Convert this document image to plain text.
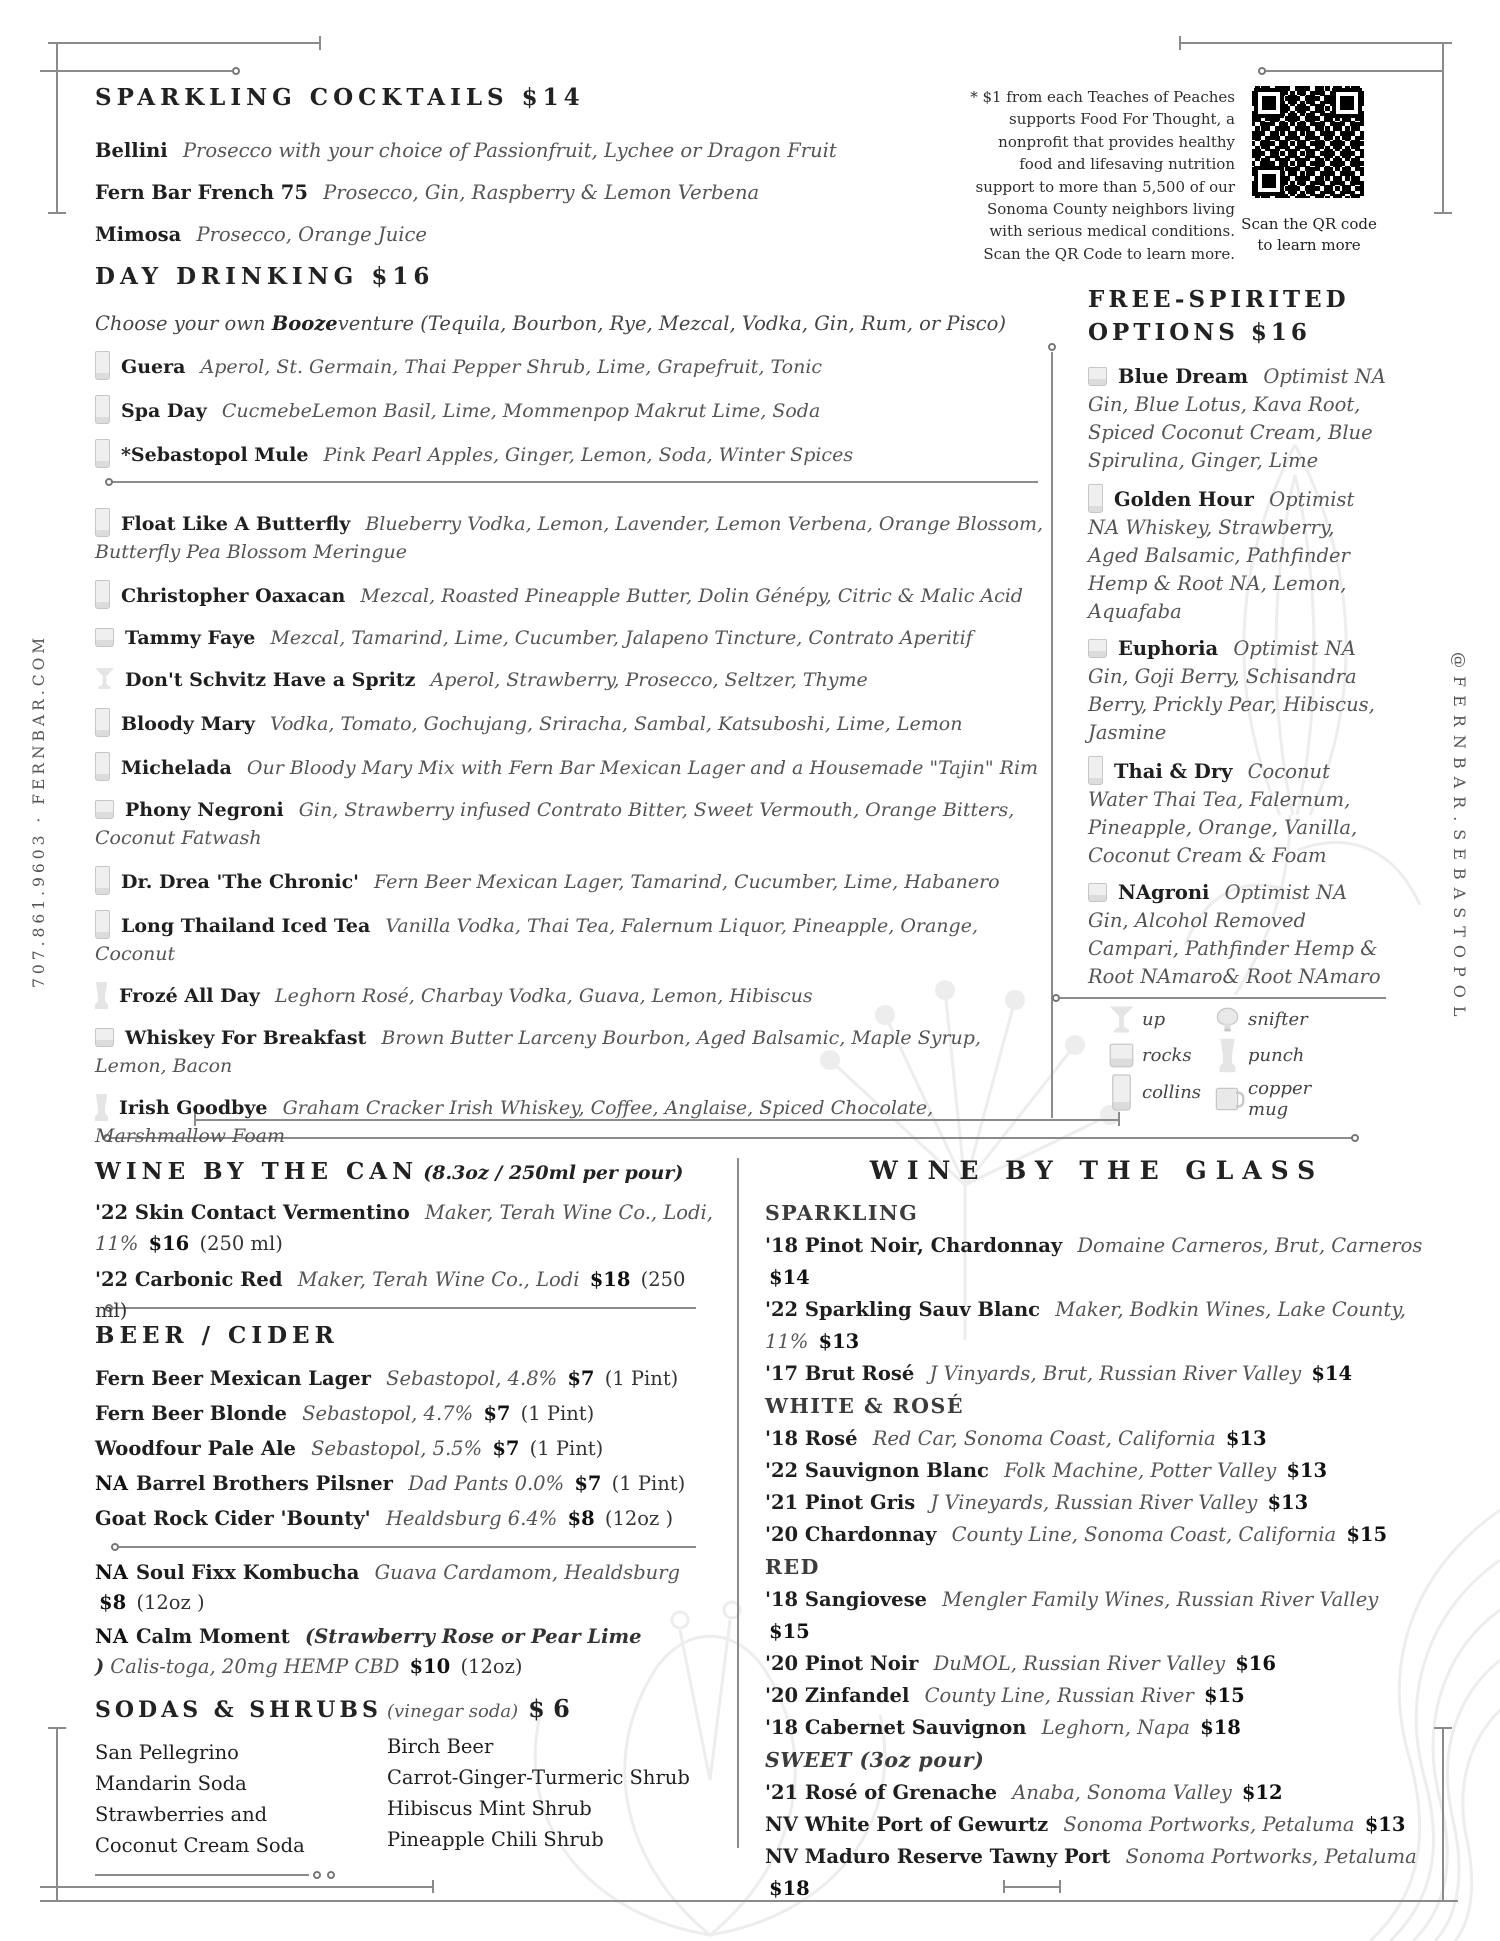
707.861.9603 · FERNBAR.COM	@FERNBAR.SEBASTOPOL
SPARKLING COCKTAILS $14
Bellini Prosecco with your choice of Passionfruit, Lychee or Dragon Fruit
Fern Bar French 75 Prosecco, Gin, Raspberry & Lemon Verbena
Mimosa Prosecco, Orange Juice
DAY DRINKING $16
Choose your own Boozeventure (Tequila, Bourbon, Rye, Mezcal, Vodka, Gin, Rum, or Pisco)
Guera Aperol, St. Germain, Thai Pepper Shrub, Lime, Grapefruit, Tonic
Spa Day CucmebeLemon Basil, Lime, Mommenpop Makrut Lime, Soda
*Sebastopol Mule Pink Pearl Apples, Ginger, Lemon, Soda, Winter Spices
Float Like A Butterfly Blueberry Vodka, Lemon, Lavender, Lemon Verbena, Orange Blossom, Butterfly Pea Blossom Meringue
Christopher Oaxacan Mezcal, Roasted Pineapple Butter, Dolin Génépy, Citric & Malic Acid
Tammy Faye Mezcal, Tamarind, Lime, Cucumber, Jalapeno Tincture, Contrato Aperitif
Don't Schvitz Have a Spritz Aperol, Strawberry, Prosecco, Seltzer, Thyme
Bloody Mary Vodka, Tomato, Gochujang, Sriracha, Sambal, Katsuboshi, Lime, Lemon
Michelada Our Bloody Mary Mix with Fern Bar Mexican Lager and a Housemade "Tajin" Rim
Phony Negroni Gin, Strawberry infused Contrato Bitter, Sweet Vermouth, Orange Bitters, Coconut Fatwash
Dr. Drea 'The Chronic' Fern Beer Mexican Lager, Tamarind, Cucumber, Lime, Habanero
Long Thailand Iced Tea Vanilla Vodka, Thai Tea, Falernum Liquor, Pineapple, Orange, Coconut
Frozé All Day Leghorn Rosé, Charbay Vodka, Guava, Lemon, Hibiscus
Whiskey For Breakfast Brown Butter Larceny Bourbon, Aged Balsamic, Maple Syrup, Lemon, Bacon
Irish Goodbye Graham Cracker Irish Whiskey, Coffee, Anglaise, Spiced Chocolate, Marshmallow Foam
* $1 from each Teaches of Peaches supports Food For Thought, a nonprofit that provides healthy food and lifesaving nutrition support to more than 5,500 of our Sonoma County neighbors living with serious medical conditions. Scan the QR Code to learn more.
Scan the QR code to learn more
FREE-SPIRITED
OPTIONS $16
Blue Dream Optimist NA Gin, Blue Lotus, Kava Root, Spiced Coconut Cream, Blue Spirulina, Ginger, Lime
Golden Hour Optimist NA Whiskey, Strawberry, Aged Balsamic, Pathfinder Hemp & Root NA, Lemon, Aquafaba
Euphoria Optimist NA Gin, Goji Berry, Schisandra Berry, Prickly Pear, Hibiscus, Jasmine
Thai & Dry Coconut Water Thai Tea, Falernum, Pineapple, Orange, Vanilla, Coconut Cream & Foam
NAgroni Optimist NA Gin, Alcohol Removed Campari, Pathfinder Hemp & Root NAmaro& Root NAmaro
up
rocks
collins
snifter
punch
copper mug
WINE BY THE CAN (8.3oz / 250ml per pour)
'22 Skin Contact Vermentino Maker, Terah Wine Co., Lodi, 11% $16 (250 ml)
'22 Carbonic Red Maker, Terah Wine Co., Lodi $18 (250 ml)
BEER / CIDER
Fern Beer Mexican Lager Sebastopol, 4.8% $7 (1 Pint)
Fern Beer Blonde Sebastopol, 4.7% $7 (1 Pint)
Woodfour Pale Ale Sebastopol, 5.5% $7 (1 Pint)
NA Barrel Brothers Pilsner Dad Pants 0.0% $7 (1 Pint)
Goat Rock Cider 'Bounty' Healdsburg 6.4% $8 (12oz )
NA Soul Fixx Kombucha Guava Cardamom, Healdsburg $8 (12oz )
NA Calm Moment (Strawberry Rose or Pear Lime ) Calis-toga, 20mg HEMP CBD $10 (12oz)
SODAS & SHRUBS (vinegar soda) $ 6
San Pellegrino
Mandarin Soda
Strawberries and Coconut Cream Soda
Birch Beer
Carrot-Ginger-Turmeric Shrub
Hibiscus Mint Shrub
Pineapple Chili Shrub
WINE BY THE GLASS
SPARKLING
'18 Pinot Noir, Chardonnay Domaine Carneros, Brut, Carneros $14
'22 Sparkling Sauv Blanc Maker, Bodkin Wines, Lake County, 11% $13
'17 Brut Rosé J Vinyards, Brut, Russian River Valley $14
WHITE & ROSÉ
'18 Rosé Red Car, Sonoma Coast, California $13
'22 Sauvignon Blanc Folk Machine, Potter Valley $13
'21 Pinot Gris J Vineyards, Russian River Valley $13
'20 Chardonnay County Line, Sonoma Coast, California $15
RED
'18 Sangiovese Mengler Family Wines, Russian River Valley $15
'20 Pinot Noir DuMOL, Russian River Valley $16
'20 Zinfandel County Line, Russian River $15
'18 Cabernet Sauvignon Leghorn, Napa $18
SWEET (3oz pour)
'21 Rosé of Grenache Anaba, Sonoma Valley $12
NV White Port of Gewurtz Sonoma Portworks, Petaluma $13
NV Maduro Reserve Tawny Port Sonoma Portworks, Petaluma $18
